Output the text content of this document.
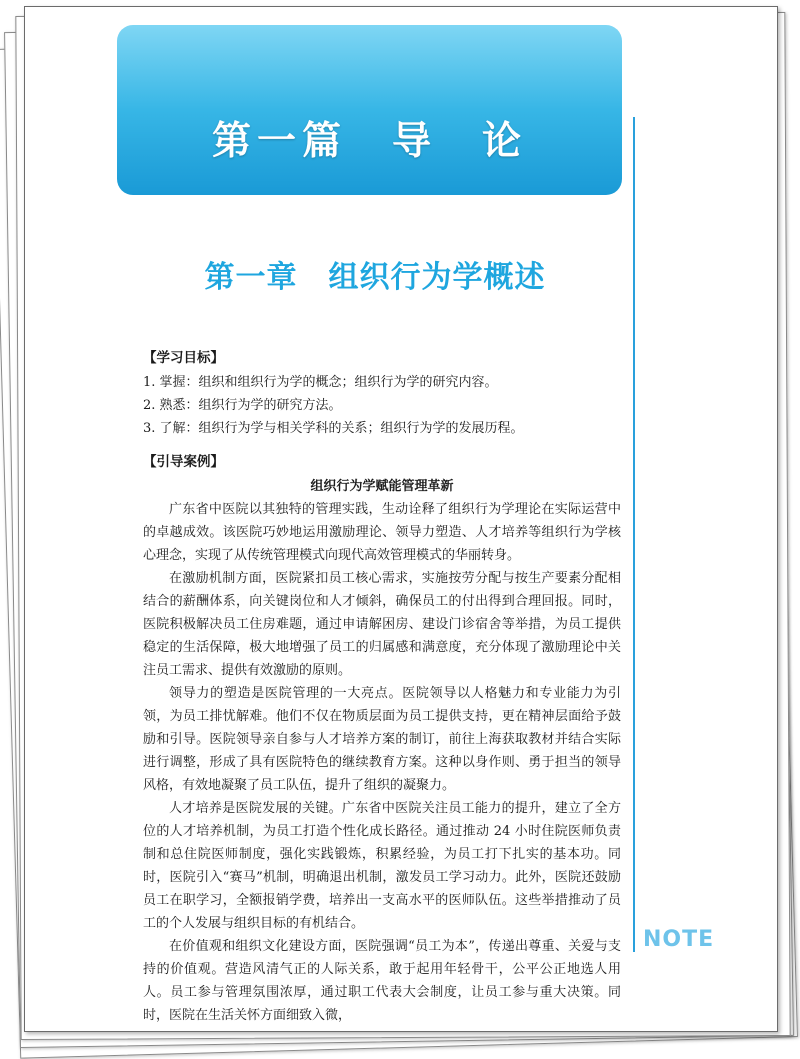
第一篇　导　论
NOTE
第一章　组织行为学概述
【学习目标】

1. 掌握：组织和组织行为学的概念；组织行为学的研究内容。

2. 熟悉：组织行为学的研究方法。

3. 了解：组织行为学与相关学科的关系；组织行为学的发展历程。

【引导案例】

组织行为学赋能管理革新

广东省中医院以其独特的管理实践，生动诠释了组织行为学理论在实际运营中的卓越成效。该医院巧妙地运用激励理论、领导力塑造、人才培养等组织行为学核心理念，实现了从传统管理模式向现代高效管理模式的华丽转身。

在激励机制方面，医院紧扣员工核心需求，实施按劳分配与按生产要素分配相结合的薪酬体系，向关键岗位和人才倾斜，确保员工的付出得到合理回报。同时，医院积极解决员工住房难题，通过申请解困房、建设门诊宿舍等举措，为员工提供稳定的生活保障，极大地增强了员工的归属感和满意度，充分体现了激励理论中关注员工需求、提供有效激励的原则。

领导力的塑造是医院管理的一大亮点。医院领导以人格魅力和专业能力为引领，为员工排忧解难。他们不仅在物质层面为员工提供支持，更在精神层面给予鼓励和引导。医院领导亲自参与人才培养方案的制订，前往上海获取教材并结合实际进行调整，形成了具有医院特色的继续教育方案。这种以身作则、勇于担当的领导风格，有效地凝聚了员工队伍，提升了组织的凝聚力。

人才培养是医院发展的关键。广东省中医院关注员工能力的提升，建立了全方位的人才培养机制，为员工打造个性化成长路径。通过推动 24 小时住院医师负责制和总住院医师制度，强化实践锻炼，积累经验，为员工打下扎实的基本功。同时，医院引入“赛马”机制，明确退出机制，激发员工学习动力。此外，医院还鼓励员工在职学习，全额报销学费，培养出一支高水平的医师队伍。这些举措推动了员工的个人发展与组织目标的有机结合。

在价值观和组织文化建设方面，医院强调“员工为本”，传递出尊重、关爱与支持的价值观。营造风清气正的人际关系，敢于起用年轻骨干，公平公正地选人用人。员工参与管理氛围浓厚，通过职工代表大会制度，让员工参与重大决策。同时，医院在生活关怀方面细致入微，
